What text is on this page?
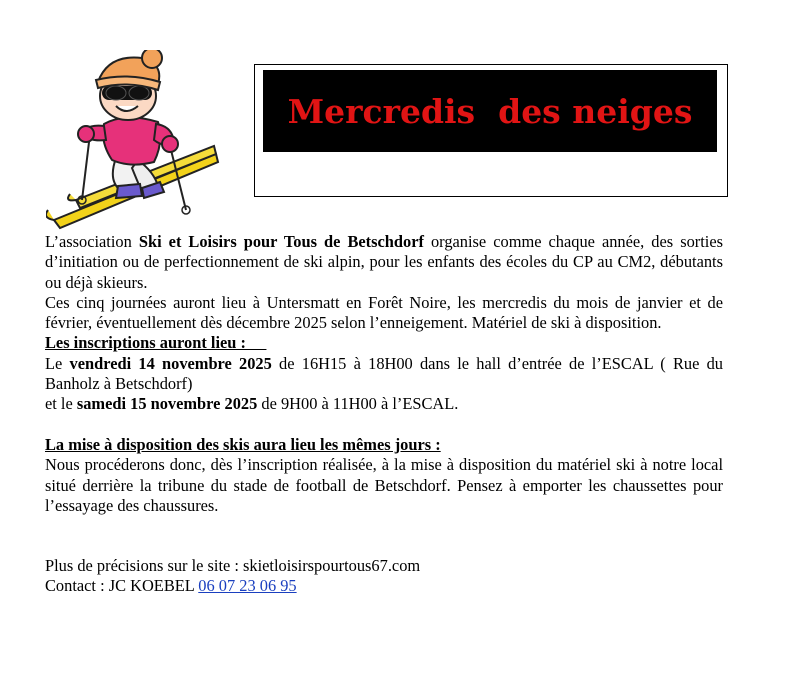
Mercredis  des neiges

L’association Ski et Loisirs pour Tous de Betschdorf organise comme chaque année, des sorties d’initiation ou de perfectionnement de ski alpin, pour les enfants des écoles du CP au CM2, débutants ou déjà skieurs.

Ces cinq journées auront lieu à Untersmatt en Forêt Noire, les mercredis du mois de janvier et de février, éventuellement dès décembre 2025 selon l’enneigement. Matériel de ski à disposition.

Les inscriptions auront lieu :

Le vendredi 14 novembre 2025 de 16H15 à 18H00 dans le hall d’entrée de l’ESCAL ( Rue du Banholz à Betschdorf)

et le samedi 15 novembre 2025 de 9H00 à 11H00 à l’ESCAL.

La mise à disposition des skis aura lieu les mêmes jours :

Nous procéderons donc, dès l’inscription réalisée, à la mise à disposition du matériel ski à notre local situé derrière la tribune du stade de football de Betschdorf. Pensez à emporter les chaussettes pour l’essayage des chaussures.

Plus de précisions sur le site : skietloisirspourtous67.com

Contact : JC KOEBEL 06 07 23 06 95
